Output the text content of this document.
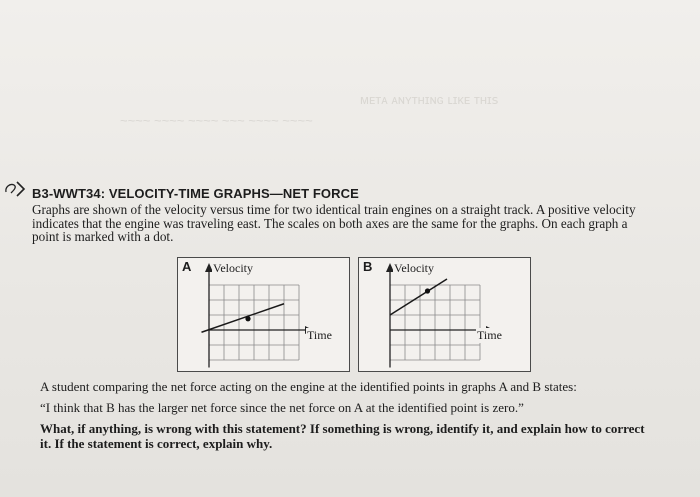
ᴍᴇᴛᴀ ᴀɴʏᴛʜɪɴɢ ʟɪᴋᴇ ᴛʜɪꜱ
~~~~ ~~~~ ~~~~ ~~~ ~~~~ ~~~~
B3-WWT34: VELOCITY-TIME GRAPHS—NET FORCE
Graphs are shown of the velocity versus time for two identical train engines on a straight track. A positive velocity
indicates that the engine was traveling east. The scales on both axes are the same for the graphs. On each graph a
point is marked with a dot.
A Velocity
Time
B Velocity
Time
A student comparing the net force acting on the engine at the identified points in graphs A and B states:
“I think that B has the larger net force since the net force on A at the identified point is zero.”
What, if anything, is wrong with this statement? If something is wrong, identify it, and explain how to correct
it. If the statement is correct, explain why.
